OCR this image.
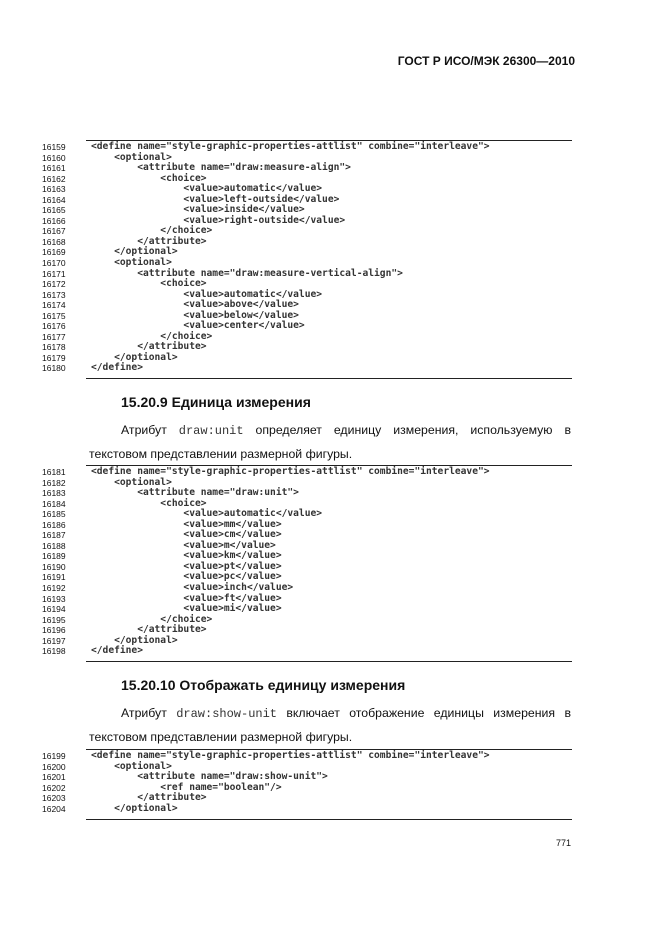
ГОСТ Р ИСО/МЭК 26300—2010
16159	<define name="style-graphic-properties-attlist" combine="interleave">
16160	<optional>
16161	<attribute name="draw:measure-align">
16162	<choice>
16163	<value>automatic</value>
16164	<value>left-outside</value>
16165	<value>inside</value>
16166	<value>right-outside</value>
16167	</choice>
16168	</attribute>
16169	</optional>
16170	<optional>
16171	<attribute name="draw:measure-vertical-align">
16172	<choice>
16173	<value>automatic</value>
16174	<value>above</value>
16175	<value>below</value>
16176	<value>center</value>
16177	</choice>
16178	</attribute>
16179	</optional>
16180	</define>
15.20.9 Единица измерения
Атрибут draw:unit определяет единицу измерения, используемую в
текстовом представлении размерной фигуры.
16181	<define name="style-graphic-properties-attlist" combine="interleave">
16182	<optional>
16183	<attribute name="draw:unit">
16184	<choice>
16185	<value>automatic</value>
16186	<value>mm</value>
16187	<value>cm</value>
16188	<value>m</value>
16189	<value>km</value>
16190	<value>pt</value>
16191	<value>pc</value>
16192	<value>inch</value>
16193	<value>ft</value>
16194	<value>mi</value>
16195	</choice>
16196	</attribute>
16197	</optional>
16198	</define>
15.20.10 Отображать единицу измерения
Атрибут draw:show-unit включает отображение единицы измерения в
текстовом представлении размерной фигуры.
16199	<define name="style-graphic-properties-attlist" combine="interleave">
16200	<optional>
16201	<attribute name="draw:show-unit">
16202	<ref name="boolean"/>
16203	</attribute>
16204	</optional>
771
